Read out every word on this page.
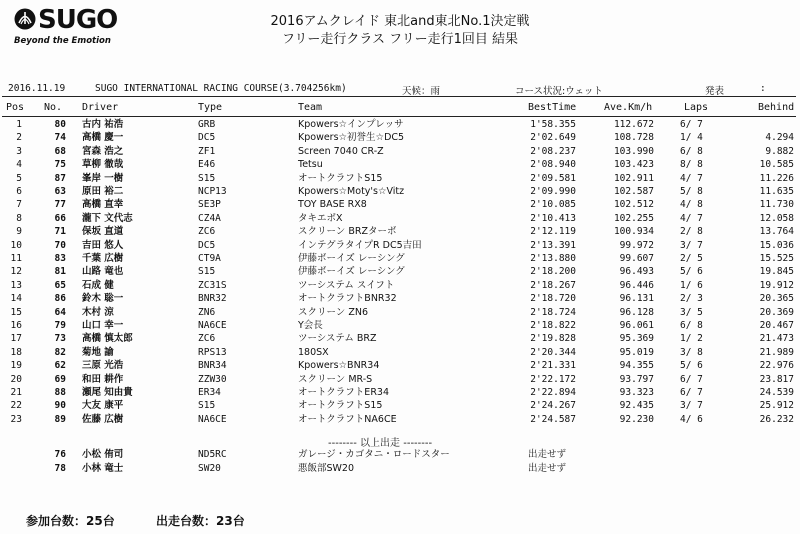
SUGO
Beyond the Emotion
2016アムクレイド 東北and東北No.1決定戦
フリー走行クラス フリー走行1回目 結果
2016.11.19	SUGO INTERNATIONAL RACING COURSE(3.704256km)	天候：雨	コース状況:ウェット	発表	:
Pos No. Driver	Type	Team	BestTime	Ave.Km/h	Laps	Behind
1	80 古内 祐浩	GRB	Kpowers☆インプレッサ	1'58.355	112.672	6/ 7
2	74 高橋 慶一	DC5	Kpowers☆初誉生☆DC5	2'02.649	108.728	1/ 4	4.294
3	68 宮森 浩之	ZF1	Screen 7040 CR-Z	2'08.237	103.990	6/ 8	9.882
4	75 草柳 徹哉	E46	Tetsu	2'08.940	103.423	8/ 8	10.585
5	87 峯岸 一樹	S15	オートクラフトS15	2'09.581	102.911	4/ 7	11.226
6	63 原田 裕二	NCP13	Kpowers☆Moty's☆Vitz	2'09.990	102.587	5/ 8	11.635
7	77 高橋 直幸	SE3P	TOY BASE RX8	2'10.085	102.512	4/ 8	11.730
8	66 瀧下 文代志	CZ4A	タキエボX	2'10.413	102.255	4/ 7	12.058
9	71 保坂 直道	ZC6	スクリーン BRZターボ	2'12.119	100.934	2/ 8	13.764
10	70 吉田 悠人	DC5	インテグラタイプR DC5吉田	2'13.391	99.972	3/ 7	15.036
11	83 千葉 広樹	CT9A	伊藤ボーイズ レーシング	2'13.880	99.607	2/ 5	15.525
12	81 山路 竜也	S15	伊藤ボーイズ レーシング	2'18.200	96.493	5/ 6	19.845
13	65 石成 健	ZC31S	ツーシステム スイフト	2'18.267	96.446	1/ 6	19.912
14	86 鈴木 聡一	BNR32	オートクラフトBNR32	2'18.720	96.131	2/ 3	20.365
15	64 木村 涼	ZN6	スクリーン ZN6	2'18.724	96.128	3/ 5	20.369
16	79 山口 幸一	NA6CE	Y会長	2'18.822	96.061	6/ 8	20.467
17	73 高橋 慎太郎	ZC6	ツーシステム BRZ	2'19.828	95.369	1/ 2	21.473
18	82 菊地 諭	RPS13	180SX	2'20.344	95.019	3/ 8	21.989
19	62 三原 光浩	BNR34	Kpowers☆BNR34	2'21.331	94.355	5/ 6	22.976
20	69 和田 耕作	ZZW30	スクリーン MR-S	2'22.172	93.797	6/ 7	23.817
21	88 瀬尾 知由貴	ER34	オートクラフトER34	2'22.894	93.323	6/ 7	24.539
22	90 大友 康平	S15	オートクラフトS15	2'24.267	92.435	3/ 7	25.912
23	89 佐藤 広樹	NA6CE	オートクラフトNA6CE	2'24.587	92.230	4/ 6	26.232
-------- 以上出走 --------
76 小松 侑司	ND5RC	ガレージ・カゴタニ・ロードスター	出走せず
78 小林 竜士	SW20	悪飯部SW20	出走せず
参加台数：25台	出走台数：23台
